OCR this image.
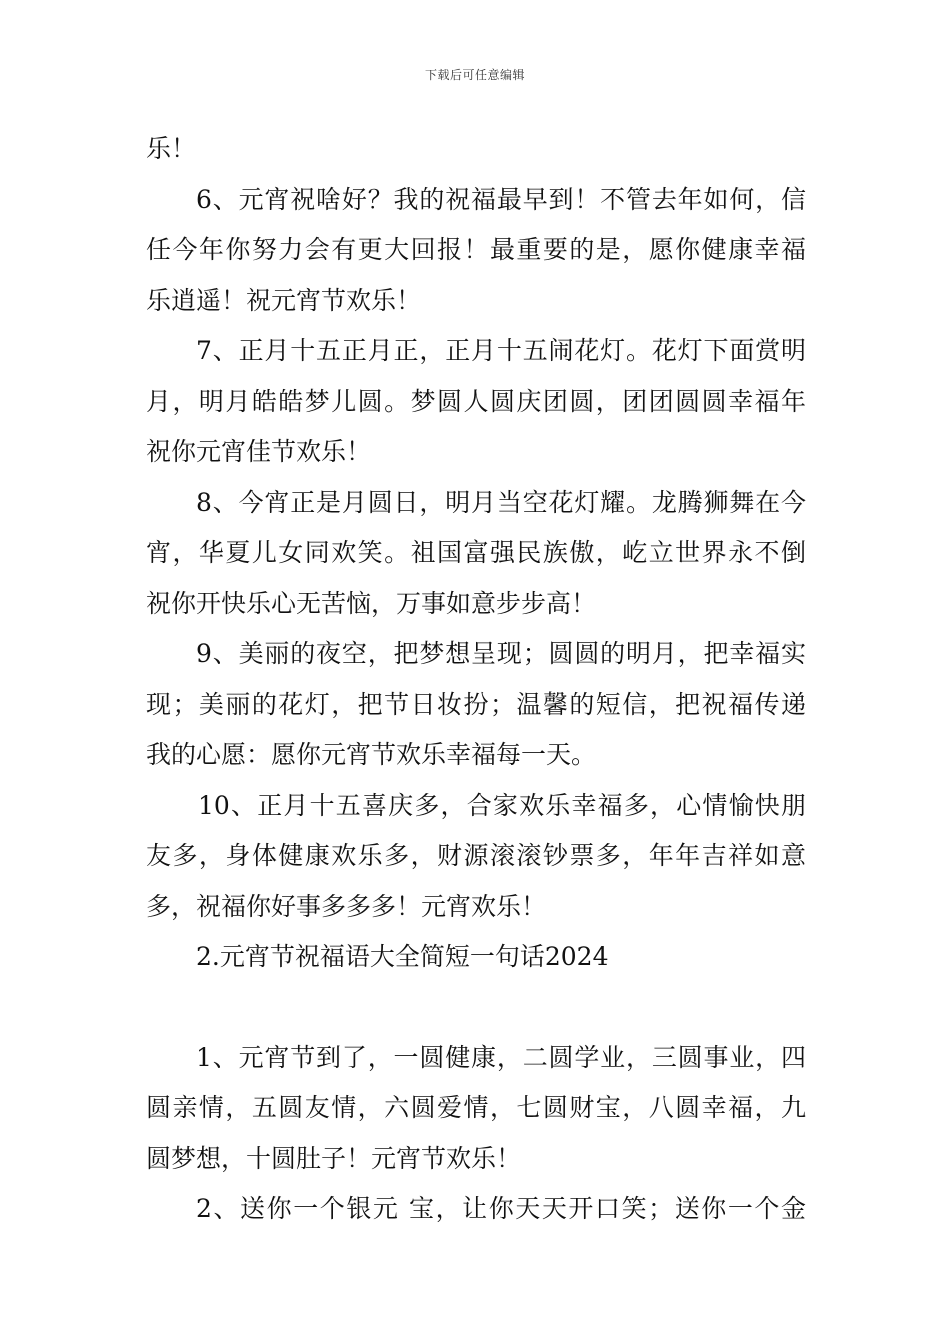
下载后可任意编辑
乐！
6、元宵祝啥好？我的祝福最早到！不管去年如何，信
任今年你努力会有更大回报！最重要的是，愿你健康幸福
乐逍遥！祝元宵节欢乐！
7、正月十五正月正，正月十五闹花灯。花灯下面赏明
月，明月皓皓梦儿圆。梦圆人圆庆团圆，团团圆圆幸福年
祝你元宵佳节欢乐！
8、今宵正是月圆日，明月当空花灯耀。龙腾狮舞在今
宵，华夏儿女同欢笑。祖国富强民族傲，屹立世界永不倒
祝你开快乐心无苦恼，万事如意步步高！
9、美丽的夜空，把梦想呈现；圆圆的明月，把幸福实
现；美丽的花灯，把节日妆扮；温馨的短信，把祝福传递
我的心愿：愿你元宵节欢乐幸福每一天。
10、正月十五喜庆多，合家欢乐幸福多，心情愉快朋
友多，身体健康欢乐多，财源滚滚钞票多，年年吉祥如意
多，祝福你好事多多多！元宵欢乐！
2.元宵节祝福语大全简短一句话2024
1、元宵节到了，一圆健康，二圆学业，三圆事业，四
圆亲情，五圆友情，六圆爱情，七圆财宝，八圆幸福，九
圆梦想，十圆肚子！元宵节欢乐！
2、送你一个银元 宝，让你天天开口笑；送你一个金
